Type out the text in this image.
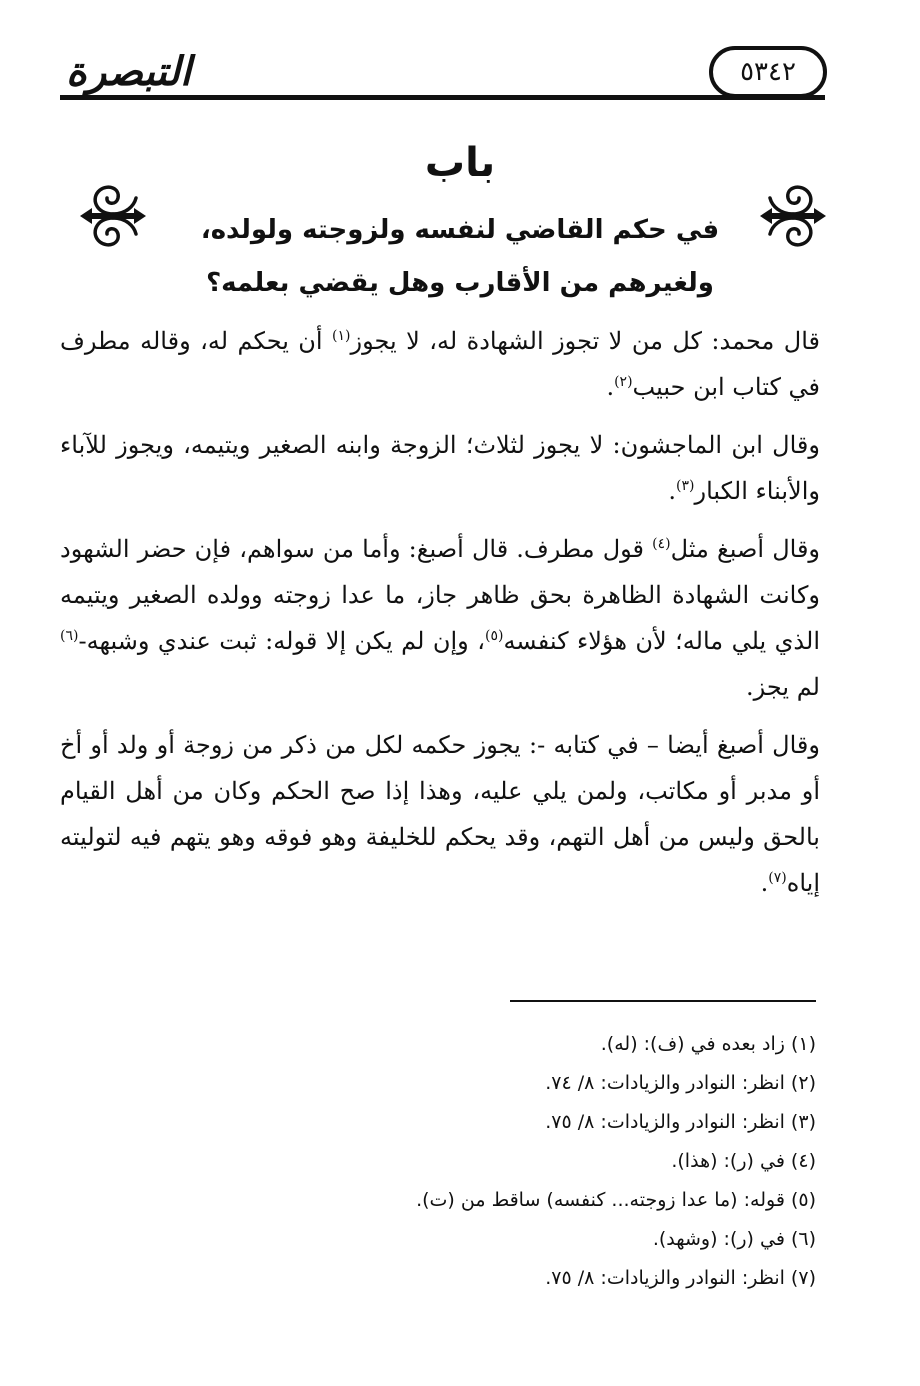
التبصرة	٥٣٤٢
باب
في حكم القاضي لنفسه ولزوجته ولولده،
ولغيرهم من الأقارب وهل يقضي بعلمه؟

قال محمد: كل من لا تجوز الشهادة له، لا يجوز$^{(١)}$ أن يحكم له، وقاله مطرف في كتاب ابن حبيب$^{(٢)}$.

وقال ابن الماجشون: لا يجوز لثلاث؛ الزوجة وابنه الصغير ويتيمه، ويجوز للآباء والأبناء الكبار$^{(٣)}$.

وقال أصبغ مثل$^{(٤)}$ قول مطرف. قال أصبغ: وأما من سواهم، فإن حضر الشهود وكانت الشهادة الظاهرة بحق ظاهر جاز، ما عدا زوجته وولده الصغير ويتيمه الذي يلي ماله؛ لأن هؤلاء كنفسه$^{(٥)}$، وإن لم يكن إلا قوله: ثبت عندي وشبهه-$^{(٦)}$ لم يجز.

وقال أصبغ أيضا – في كتابه -: يجوز حكمه لكل من ذكر من زوجة أو ولد أو أخ أو مدبر أو مكاتب، ولمن يلي عليه، وهذا إذا صح الحكم وكان من أهل القيام بالحق وليس من أهل التهم، وقد يحكم للخليفة وهو فوقه وهو يتهم فيه لتوليته إياه$^{(٧)}$.

(١) زاد بعده في (ف): (له).
(٢) انظر: النوادر والزيادات: ٨/ ٧٤.
(٣) انظر: النوادر والزيادات: ٨/ ٧٥.
(٤) في (ر): (هذا).
(٥) قوله: (ما عدا زوجته... كنفسه) ساقط من (ت).
(٦) في (ر): (وشهد).
(٧) انظر: النوادر والزيادات: ٨/ ٧٥.
